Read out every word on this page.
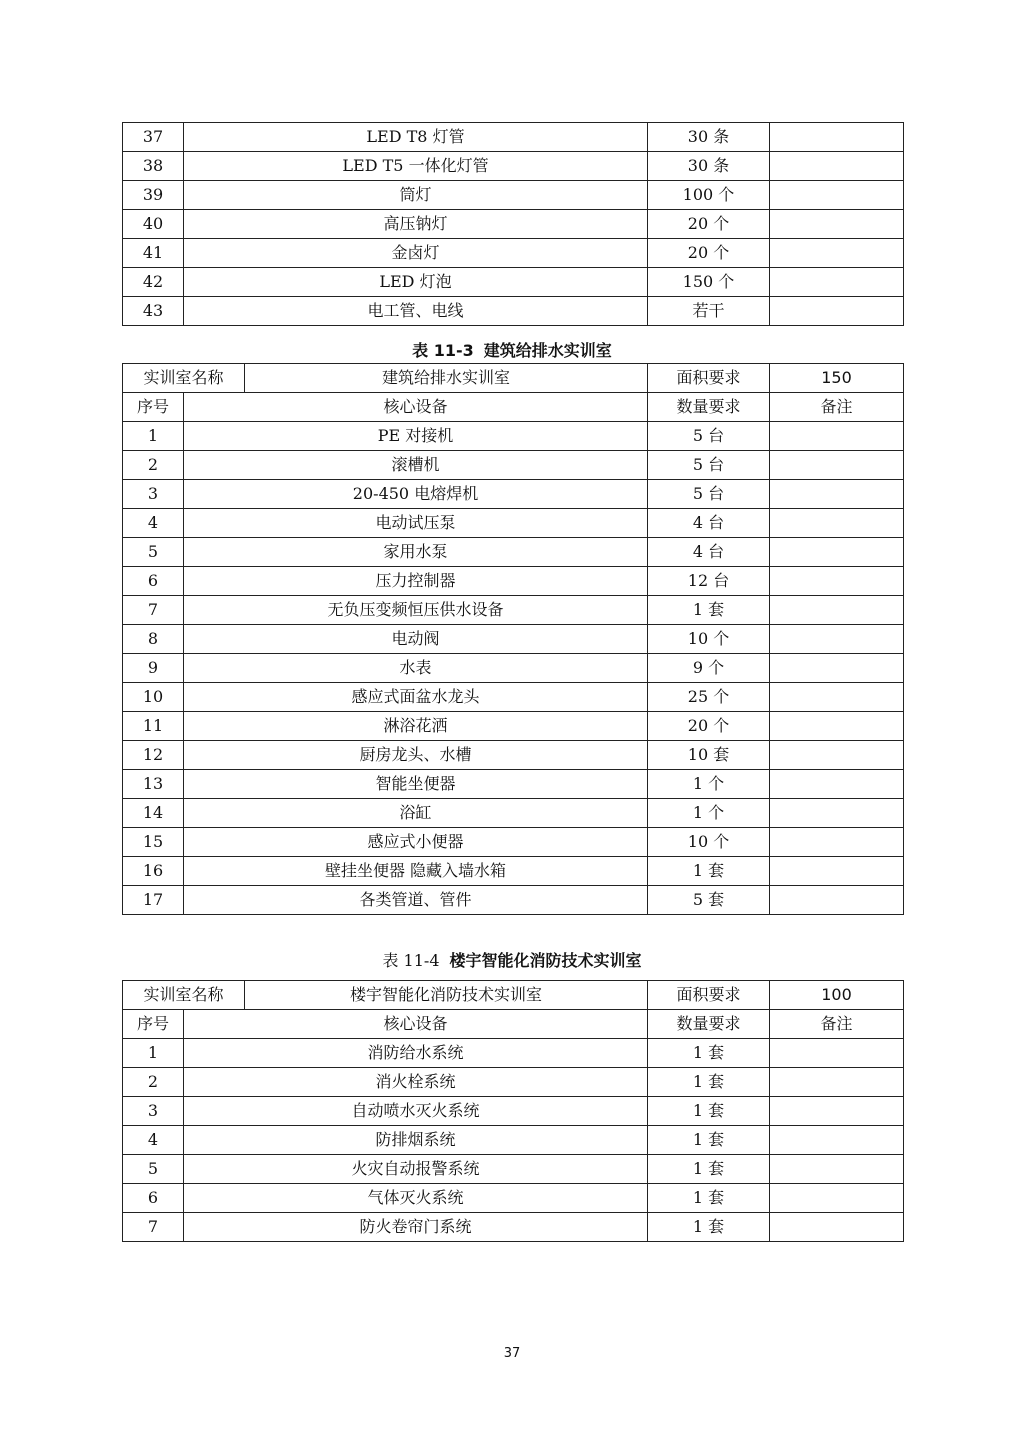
37	LED T8 灯管	30 条	
38	LED T5 一体化灯管	30 条	
39	筒灯	100 个	
40	高压钠灯	20 个	
41	金卤灯	20 个	
42	LED 灯泡	150 个	
43	电工管、电线	若干	
表 11-3 建筑给排水实训室
实训室名称		建筑给排水实训室	面积要求	150
序号	核心设备		数量要求	备注
1	PE 对接机		5 台	
2	滚槽机		5 台	
3	20-450 电熔焊机		5 台	
4	电动试压泵		4 台	
5	家用水泵		4 台	
6	压力控制器		12 台	
7	无负压变频恒压供水设备		1 套	
8	电动阀		10 个	
9	水表		9 个	
10	感应式面盆水龙头		25 个	
11	淋浴花洒		20 个	
12	厨房龙头、水槽		10 套	
13	智能坐便器		1 个	
14	浴缸		1 个	
15	感应式小便器		10 个	
16	壁挂坐便器 隐藏入墙水箱		1 套	
17	各类管道、管件		5 套	
表 11-4 楼宇智能化消防技术实训室
实训室名称		楼宇智能化消防技术实训室	面积要求	100
序号	核心设备		数量要求	备注
1	消防给水系统		1 套	
2	消火栓系统		1 套	
3	自动喷水灭火系统		1 套	
4	防排烟系统		1 套	
5	火灾自动报警系统		1 套	
6	气体灭火系统		1 套	
7	防火卷帘门系统		1 套	
37
